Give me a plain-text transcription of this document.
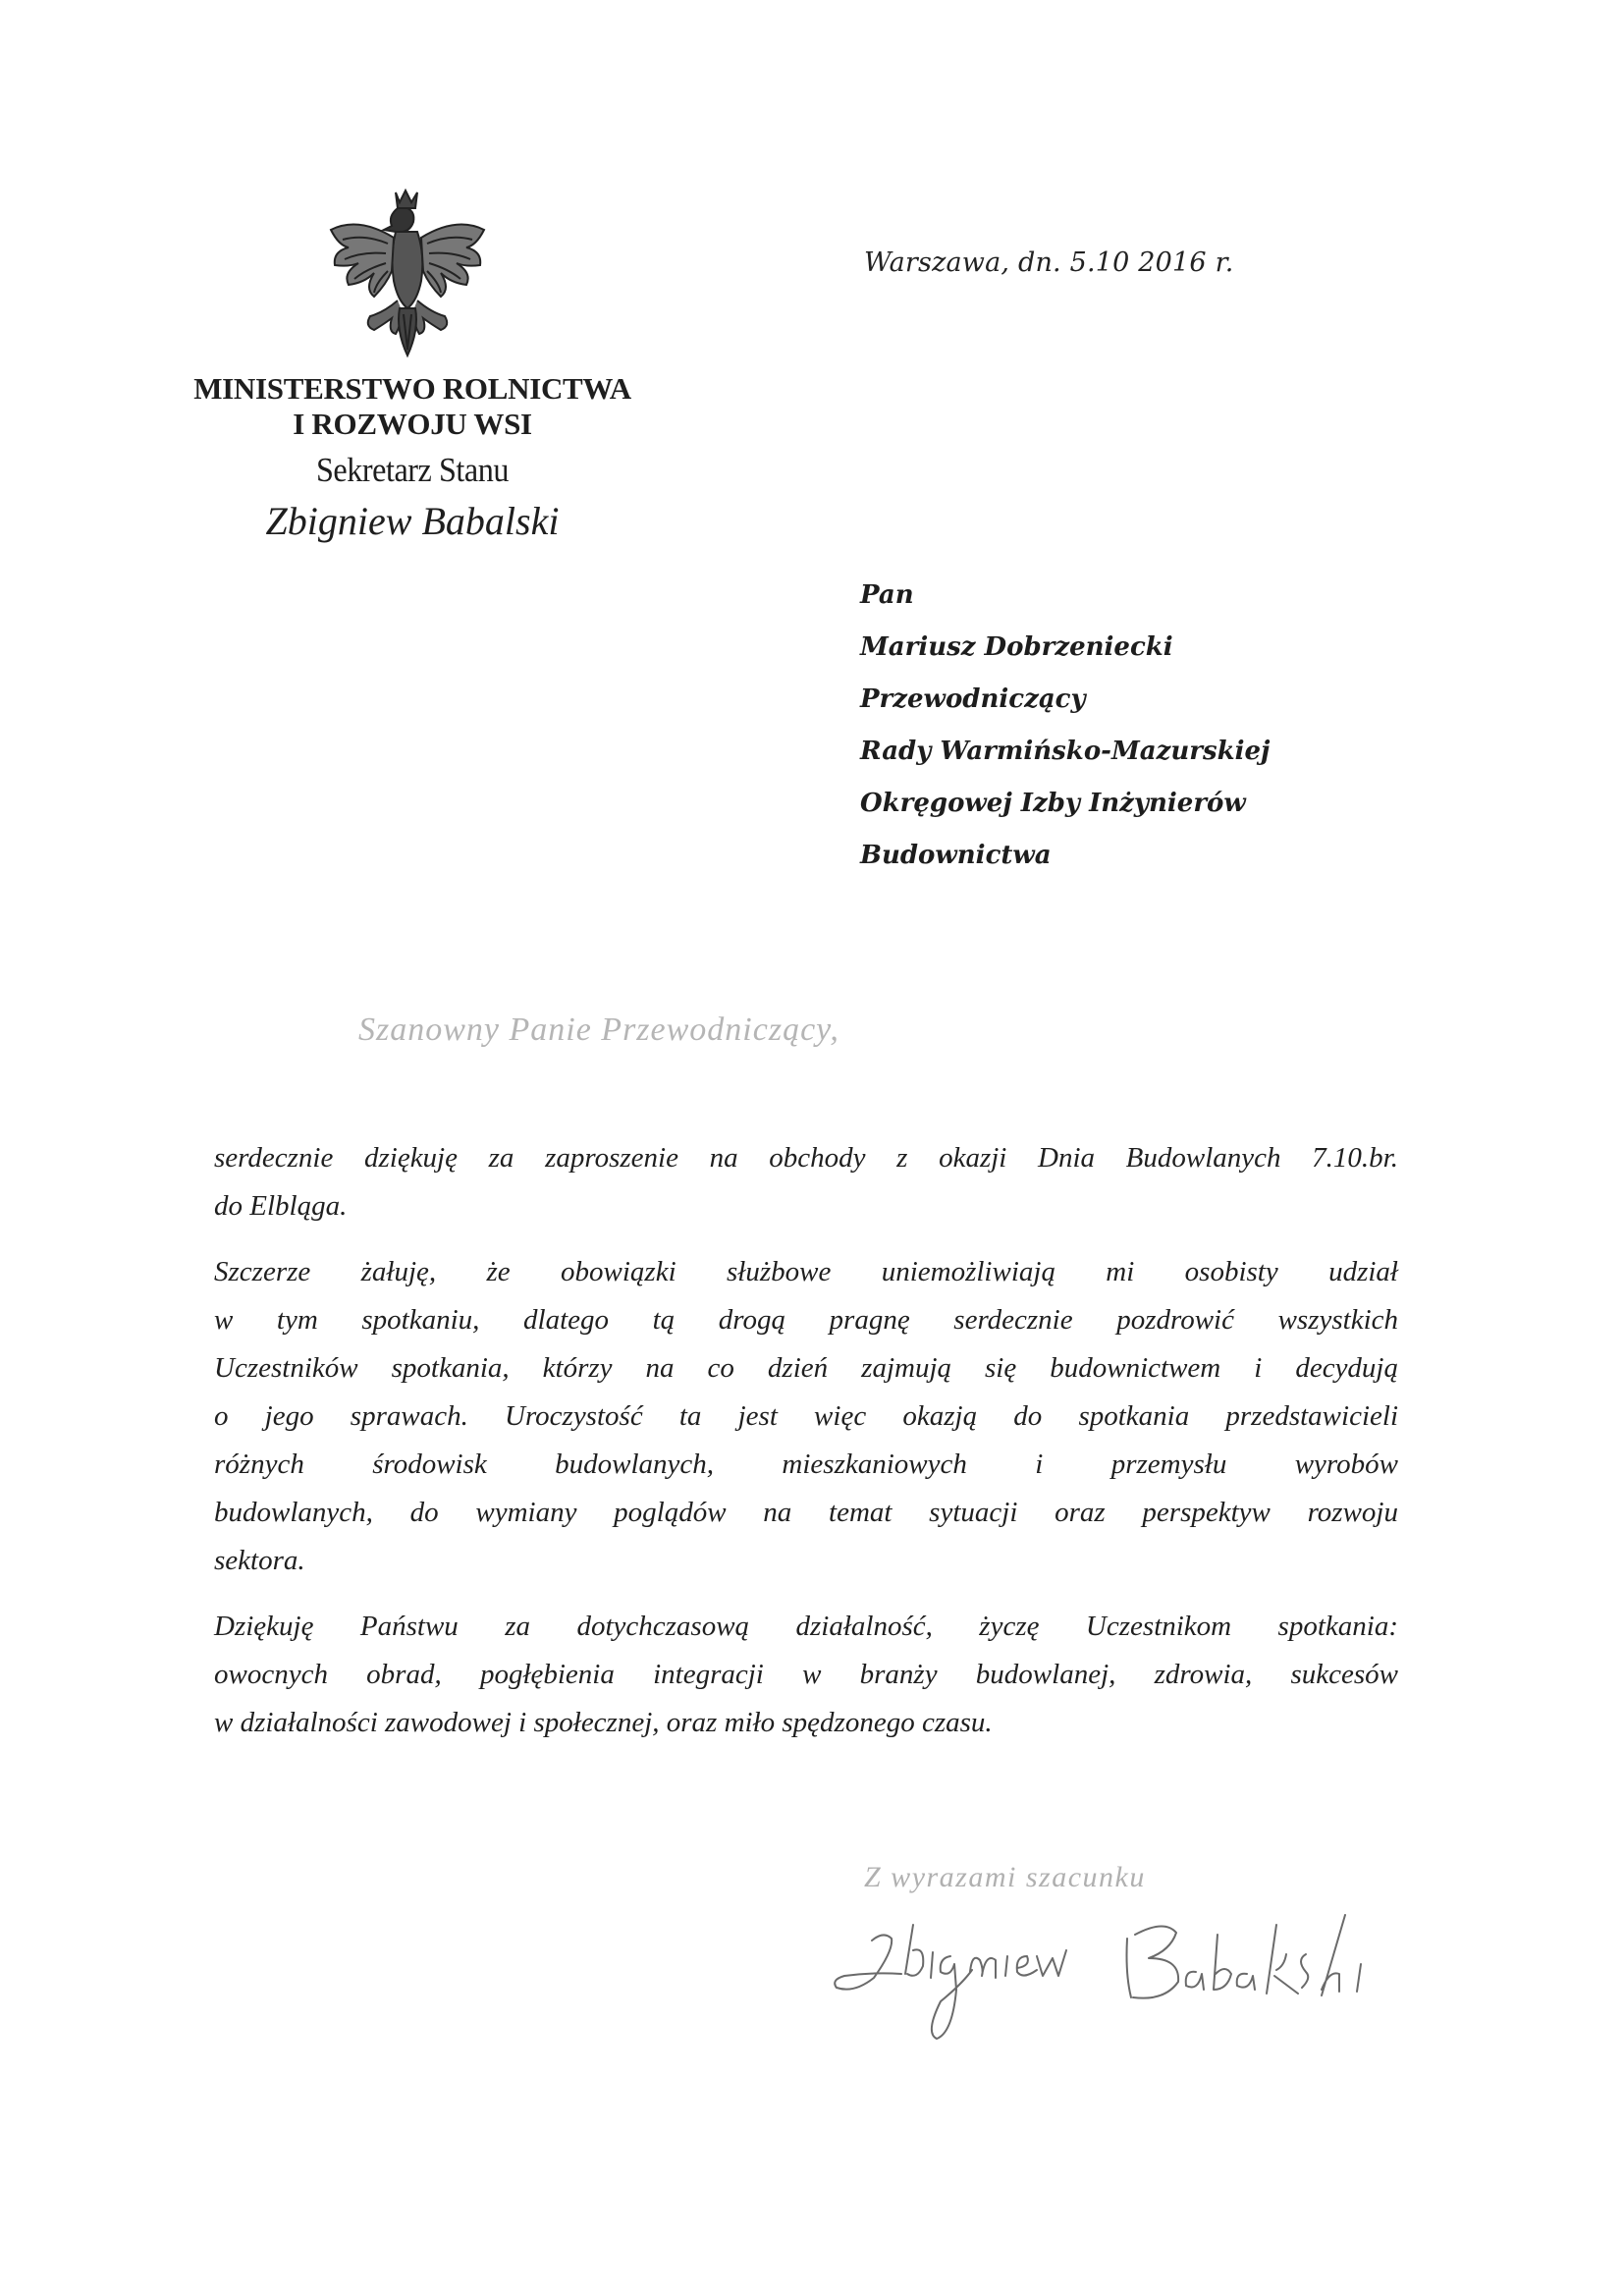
MINISTERSTWO ROLNICTWA
I ROZWOJU WSI
Sekretarz Stanu
Zbigniew Babalski
Warszawa, dn. 5.10 2016 r.
Pan
Mariusz Dobrzeniecki
Przewodniczący
Rady Warmińsko-Mazurskiej
Okręgowej Izby Inżynierów
Budownictwa
Szanowny Panie Przewodniczący,
serdecznie dziękuję za zaproszenie na obchody z okazji Dnia Budowlanych 7.10.br.
do Elbląga.
Szczerze żałuję, że obowiązki służbowe uniemożliwiają mi osobisty udział
w tym spotkaniu, dlatego tą drogą pragnę serdecznie pozdrowić wszystkich
Uczestników spotkania, którzy na co dzień zajmują się budownictwem i decydują
o jego sprawach. Uroczystość ta jest więc okazją do spotkania przedstawicieli
różnych środowisk budowlanych, mieszkaniowych i przemysłu wyrobów
budowlanych, do wymiany poglądów na temat sytuacji oraz perspektyw rozwoju
sektora.
Dziękuję Państwu za dotychczasową działalność, życzę Uczestnikom spotkania:
owocnych obrad, pogłębienia integracji w branży budowlanej, zdrowia, sukcesów
w działalności zawodowej i społecznej, oraz miło spędzonego czasu.
Z wyrazami szacunku
